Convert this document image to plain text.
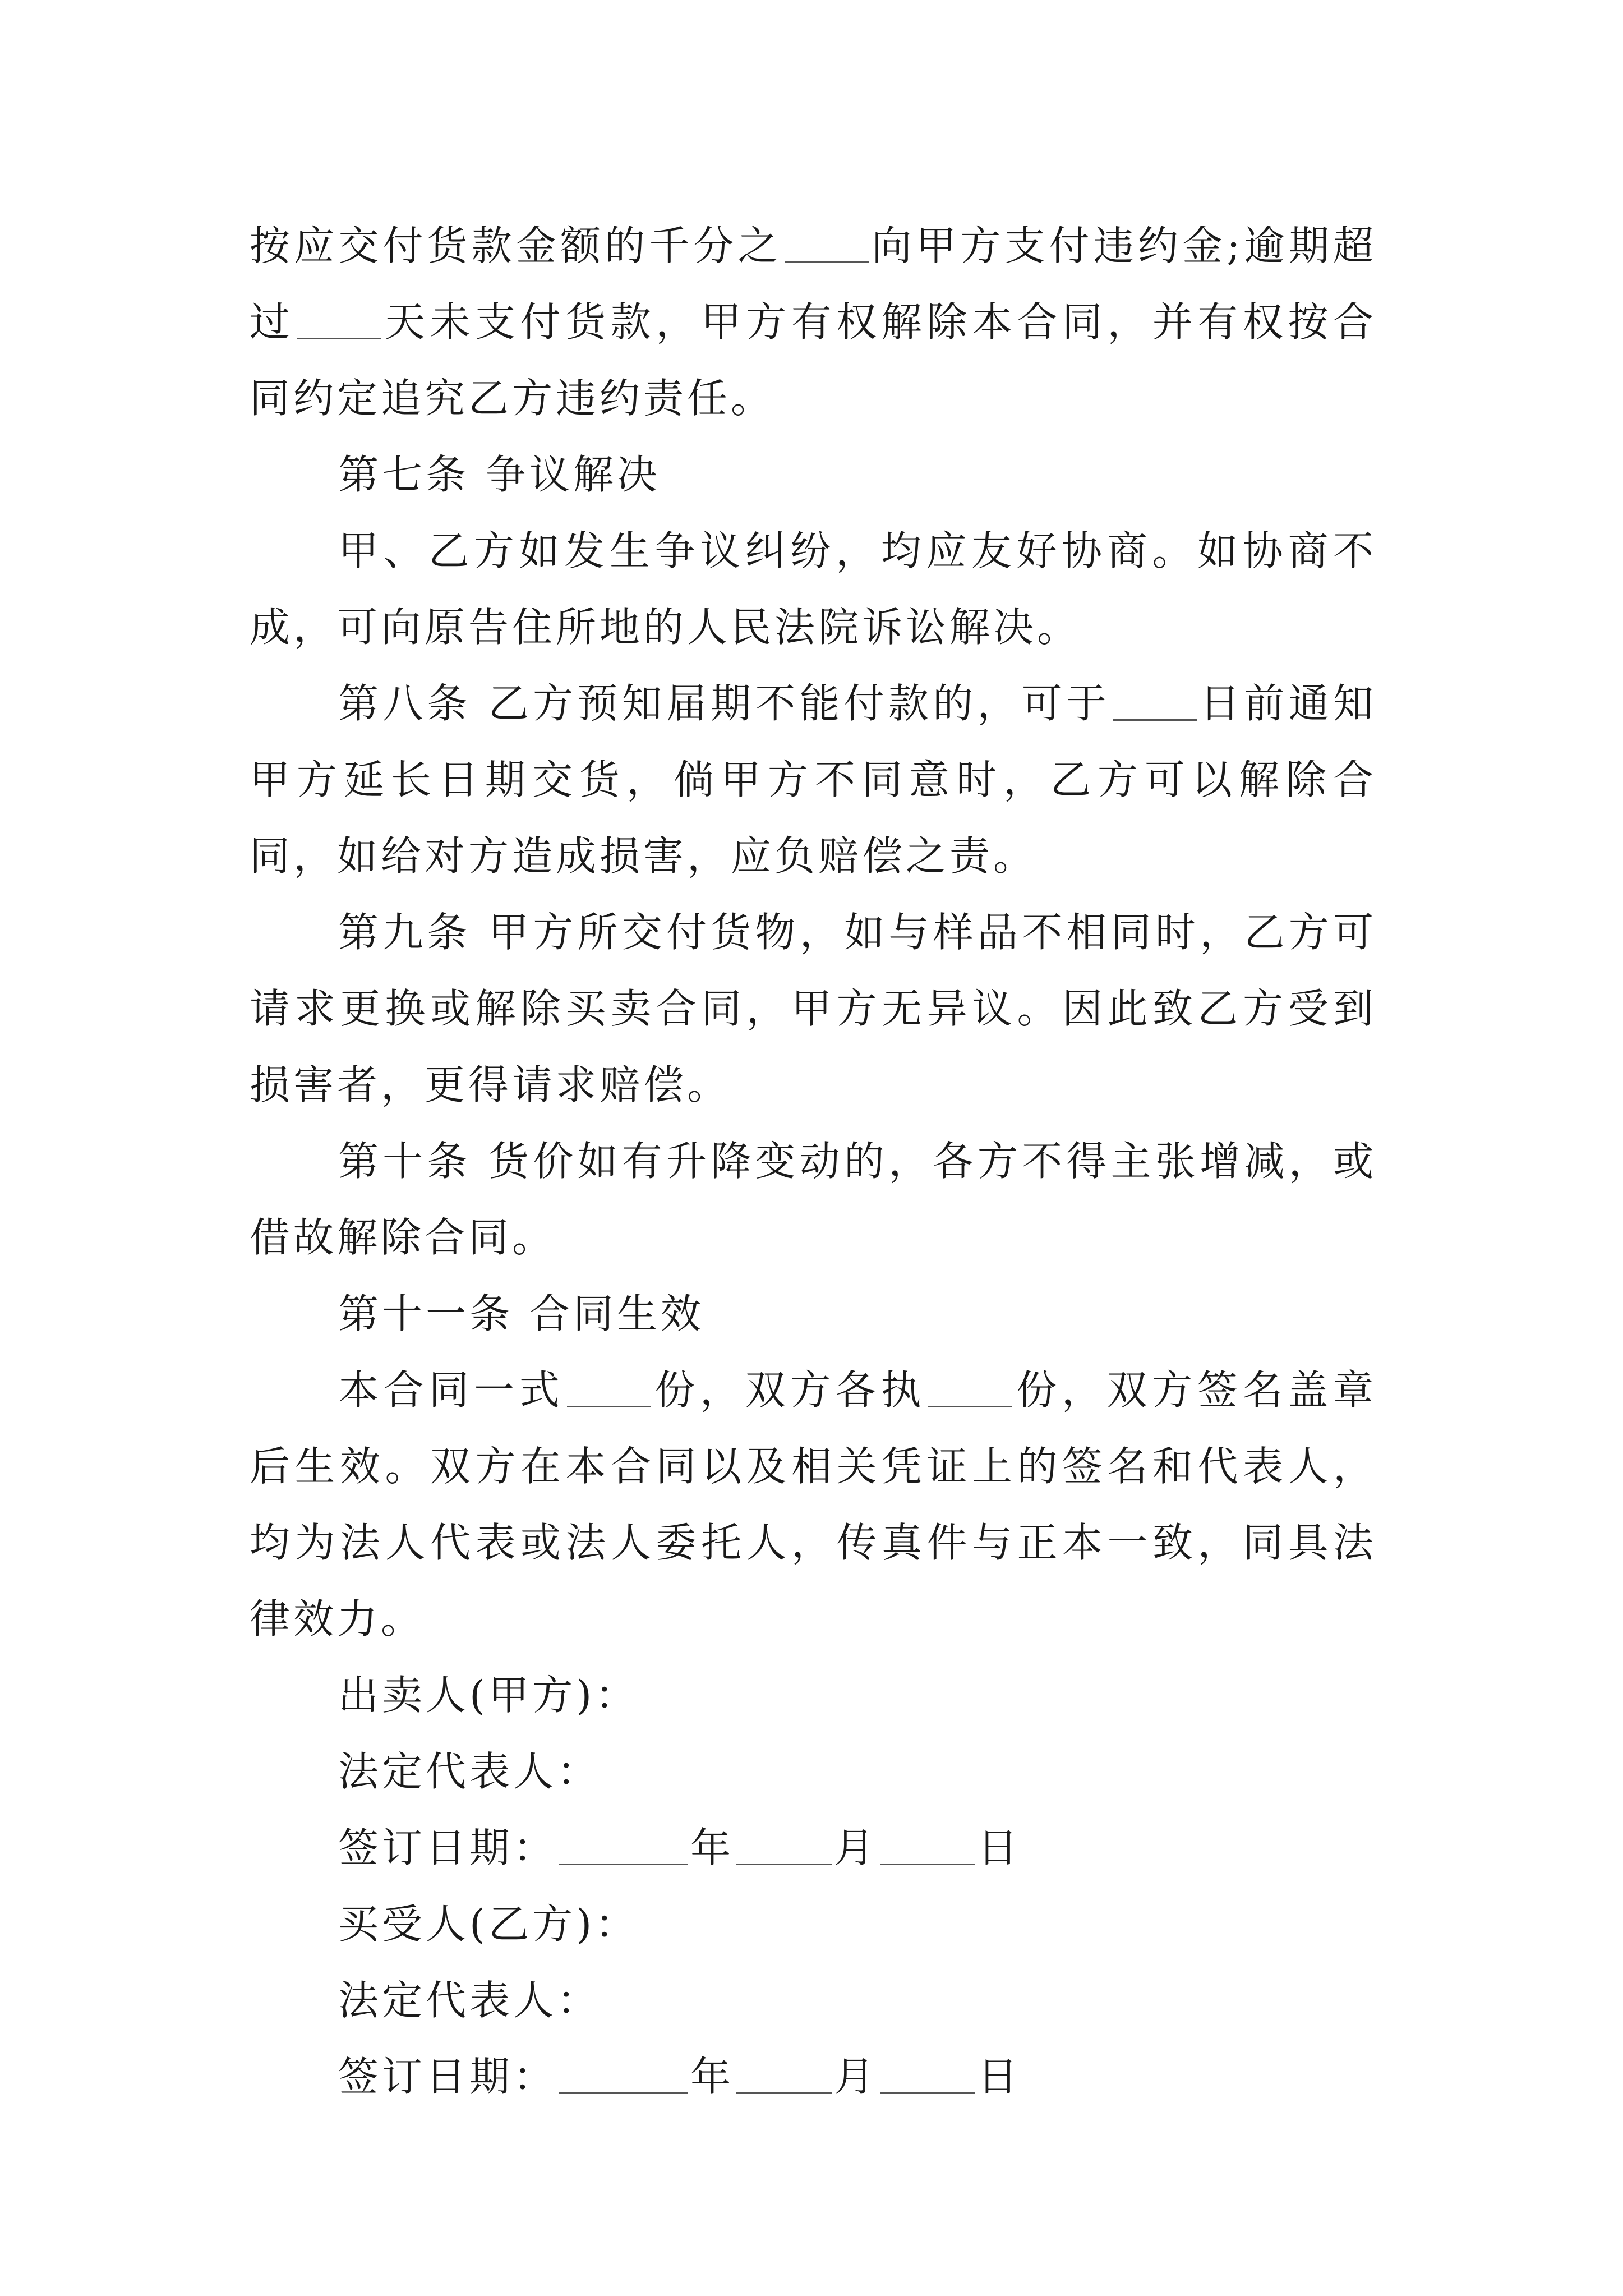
按应交付货款金额的千分之 向甲方支付违约金;逾期超过 天未支付货款，甲方有权解除本合同，并有权按合同约定追究乙方违约责任。

第七条 争议解决

甲、乙方如发生争议纠纷，均应友好协商。如协商不成，可向原告住所地的人民法院诉讼解决。

第八条 乙方预知届期不能付款的，可于 日前通知甲方延长日期交货，倘甲方不同意时，乙方可以解除合同，如给对方造成损害，应负赔偿之责。

第九条 甲方所交付货物，如与样品不相同时，乙方可请求更换或解除买卖合同，甲方无异议。因此致乙方受到损害者，更得请求赔偿。

第十条 货价如有升降变动的，各方不得主张增减，或借故解除合同。

第十一条 合同生效

本合同一式 份，双方各执 份，双方签名盖章后生效。双方在本合同以及相关凭证上的签名和代表人，均为法人代表或法人委托人，传真件与正本一致，同具法律效力。

出卖人(甲方)：
法定代表人：
签订日期：	年 月 日
买受人(乙方)：
法定代表人：
签订日期：	年 月 日
